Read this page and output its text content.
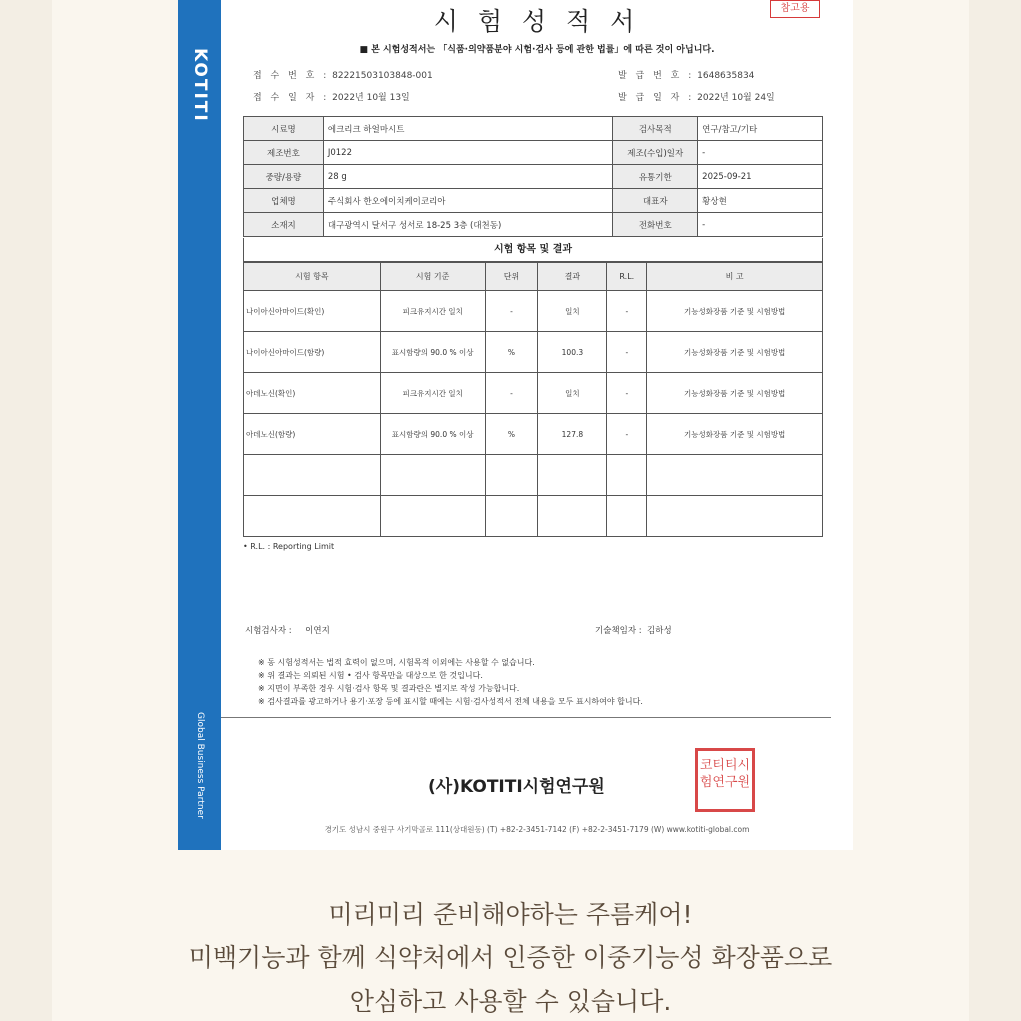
KOTITI
Global Business Partner
시 험 성 적 서	참고용
■ 본 시험성적서는 「식품·의약품분야 시험·검사 등에 관한 법률」에 따른 것이 아닙니다.
접 수 번 호 : 82221503103848-001
접 수 일 자 : 2022년 10월 13일
발 급 번 호 : 1648635834
발 급 일 자 : 2022년 10월 24일
시료명	에크리크 하얼마시트	검사목적	연구/참고/기타
제조번호	J0122	제조(수입)일자	-
중량/용량	28 g	유통기한	2025-09-21
업체명	주식회사 한오에이치케이코리아	대표자	황상현
소재지	대구광역시 달서구 성서로 18-25 3층 (대천동)	전화번호	-
시험 항목 및 결과
시험 항목	시험 기준	단위	결과	R.L.	비 고
나이아신아마이드(확인)	피크유지시간 일치	-	일치	-	기능성화장품 기준 및 시험방법
나이아신아마이드(함량)	표시함량의 90.0 % 이상	%	100.3	-	기능성화장품 기준 및 시험방법
아데노신(확인)	피크유지시간 일치	-	일치	-	기능성화장품 기준 및 시험방법
아데노신(함량)	표시함량의 90.0 % 이상	%	127.8	-	기능성화장품 기준 및 시험방법

• R.L. : Reporting Limit
시험검사자 : 이연지	기술책임자 : 김하성
※ 동 시험성적서는 법적 효력이 없으며, 시험목적 이외에는 사용할 수 없습니다.
※ 위 결과는 의뢰된 시험 • 검사 항목만을 대상으로 한 것입니다.
※ 지면이 부족한 경우 시험·검사 항목 및 결과란은 별지로 작성 가능합니다.
※ 검사결과를 광고하거나 용기·포장 등에 표시할 때에는 시험·검사성적서 전체 내용을 모두 표시하여야 합니다.
(사)KOTITI시험연구원
코티티시험연구원
경기도 성남시 중원구 사기막골로 111(상대원동) (T) +82-2-3451-7142 (F) +82-2-3451-7179 (W) www.kotiti-global.com
미리미리 준비해야하는 주름케어!
미백기능과 함께 식약처에서 인증한 이중기능성 화장품으로
안심하고 사용할 수 있습니다.
